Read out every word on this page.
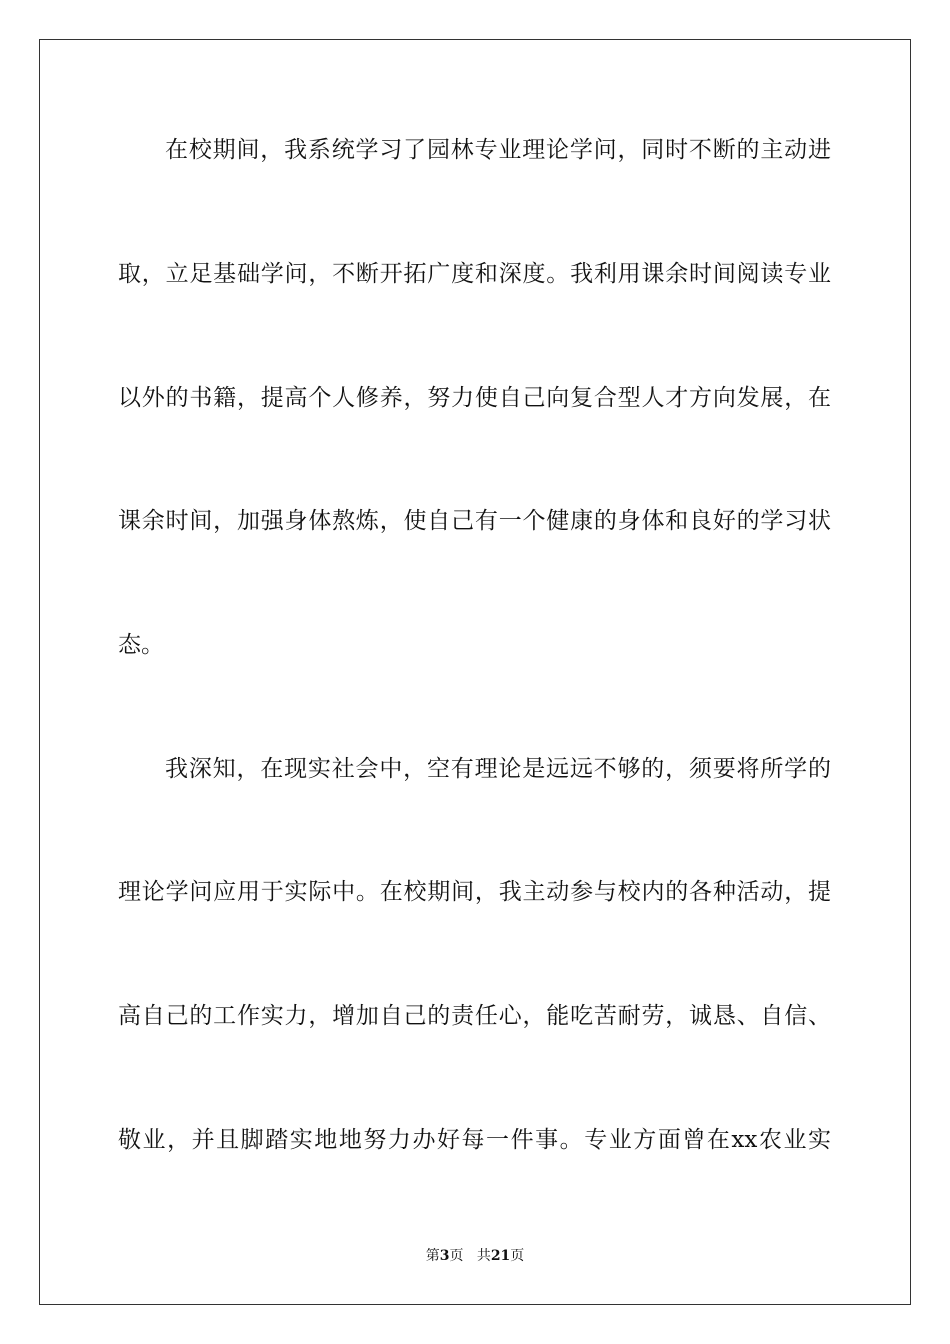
在校期间，我系统学习了园林专业理论学问，同时不断的主动进
取，立足基础学问，不断开拓广度和深度。我利用课余时间阅读专业
以外的书籍，提高个人修养，努力使自己向复合型人才方向发展，在
课余时间，加强身体熬炼，使自己有一个健康的身体和良好的学习状
态。
我深知，在现实社会中，空有理论是远远不够的，须要将所学的
理论学问应用于实际中。在校期间，我主动参与校内的各种活动，提
高自己的工作实力，增加自己的责任心，能吃苦耐劳，诚恳、自信、
敬业，并且脚踏实地地努力办好每一件事。专业方面曾在xx农业实
第3页 共21页
